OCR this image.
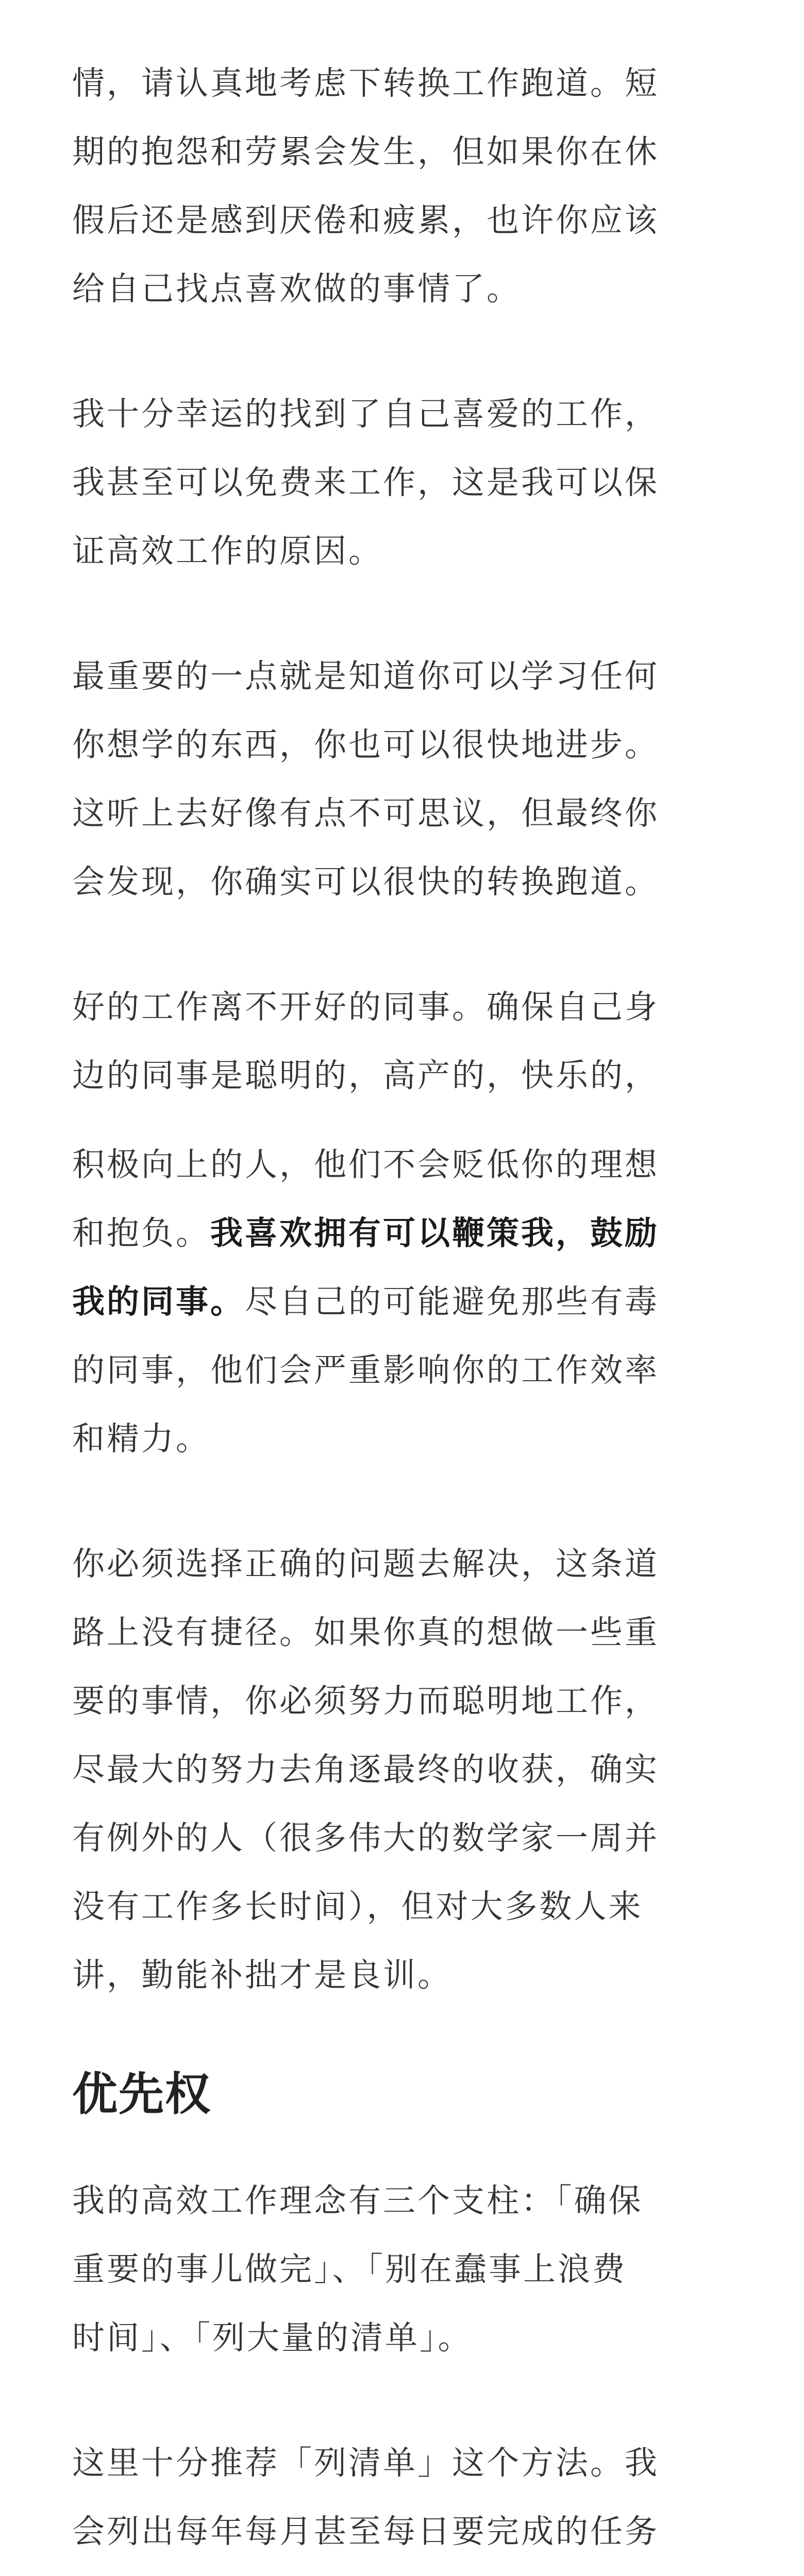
情，请认真地考虑下转换工作跑道。短
期的抱怨和劳累会发生，但如果你在休
假后还是感到厌倦和疲累，也许你应该
给自己找点喜欢做的事情了。

我十分幸运的找到了自己喜爱的工作，
我甚至可以免费来工作，这是我可以保
证高效工作的原因。

最重要的一点就是知道你可以学习任何
你想学的东西，你也可以很快地进步。
这听上去好像有点不可思议，但最终你
会发现，你确实可以很快的转换跑道。

好的工作离不开好的同事。确保自己身
边的同事是聪明的，高产的，快乐的，

积极向上的人，他们不会贬低你的理想
和抱负。我喜欢拥有可以鞭策我，鼓励
我的同事。尽自己的可能避免那些有毒
的同事，他们会严重影响你的工作效率
和精力。

你必须选择正确的问题去解决，这条道
路上没有捷径。如果你真的想做一些重
要的事情，你必须努力而聪明地工作，
尽最大的努力去角逐最终的收获，确实
有例外的人（很多伟大的数学家一周并
没有工作多长时间），但对大多数人来
讲，勤能补拙才是良训。

优先权

我的高效工作理念有三个支柱：「确保
重要的事儿做完」、「别在蠢事上浪费
时间」、「列大量的清单」。

这里十分推荐「列清单」这个方法。我
会列出每年每月甚至每日要完成的任务
